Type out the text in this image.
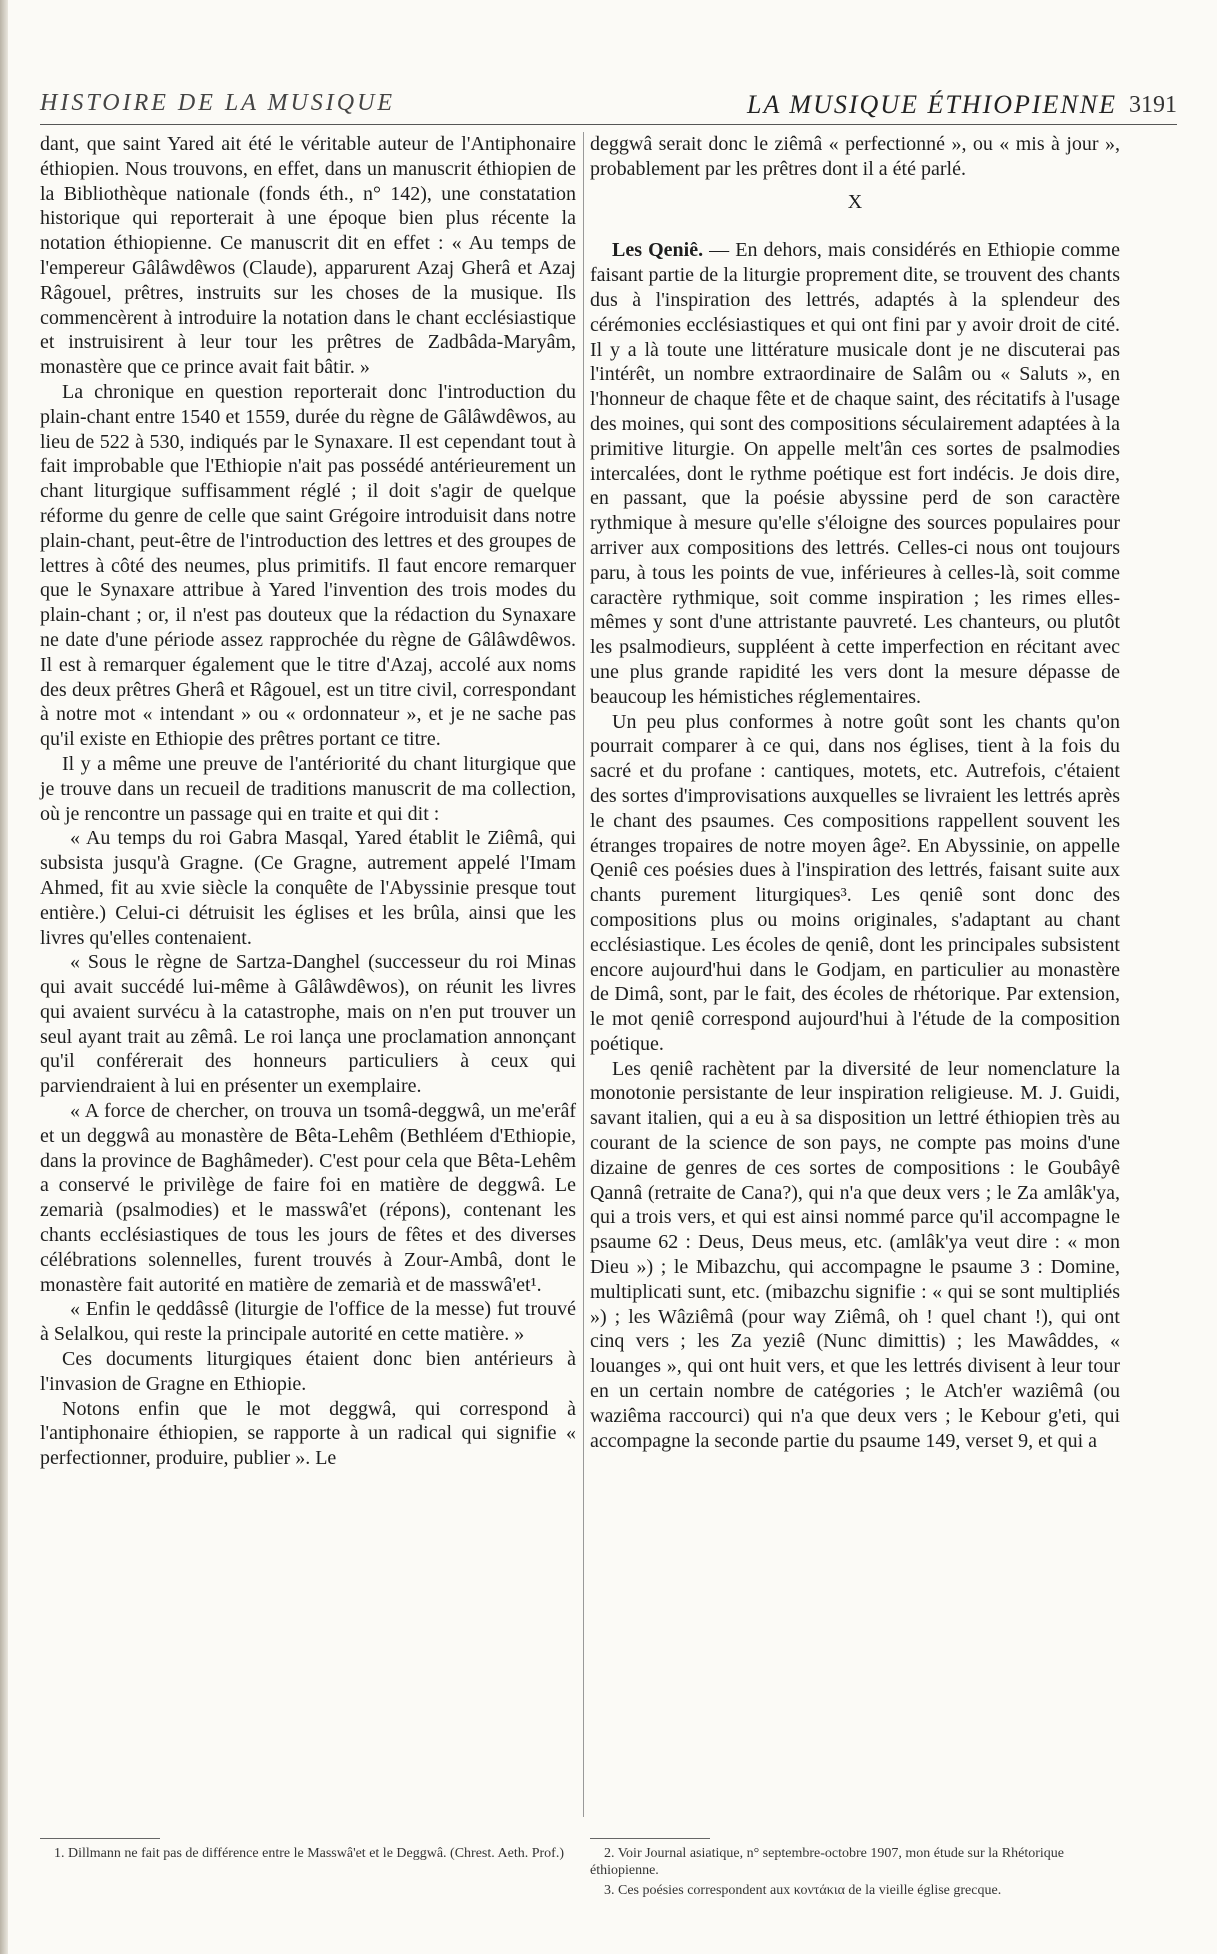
HISTOIRE DE LA MUSIQUE	LA MUSIQUE ÉTHIOPIENNE 3191

dant, que saint Yared ait été le véritable auteur de l'Antiphonaire éthiopien. Nous trouvons, en effet, dans un manuscrit éthiopien de la Bibliothèque nationale (fonds éth., n° 142), une constatation historique qui reporterait à une époque bien plus récente la notation éthiopienne. Ce manuscrit dit en effet : « Au temps de l'empereur Gâlâwdêwos (Claude), apparurent Azaj Gherâ et Azaj Râgouel, prêtres, instruits sur les choses de la musique. Ils commencèrent à introduire la notation dans le chant ecclésiastique et instruisirent à leur tour les prêtres de Zadbâda-Maryâm, monastère que ce prince avait fait bâtir. »

La chronique en question reporterait donc l'introduction du plain-chant entre 1540 et 1559, durée du règne de Gâlâwdêwos, au lieu de 522 à 530, indiqués par le Synaxare. Il est cependant tout à fait improbable que l'Ethiopie n'ait pas possédé antérieurement un chant liturgique suffisamment réglé ; il doit s'agir de quelque réforme du genre de celle que saint Grégoire introduisit dans notre plain-chant, peut-être de l'introduction des lettres et des groupes de lettres à côté des neumes, plus primitifs. Il faut encore remarquer que le Synaxare attribue à Yared l'invention des trois modes du plain-chant ; or, il n'est pas douteux que la rédaction du Synaxare ne date d'une période assez rapprochée du règne de Gâlâwdêwos. Il est à remarquer également que le titre d'Azaj, accolé aux noms des deux prêtres Gherâ et Râgouel, est un titre civil, correspondant à notre mot « intendant » ou « ordonnateur », et je ne sache pas qu'il existe en Ethiopie des prêtres portant ce titre.

Il y a même une preuve de l'antériorité du chant liturgique que je trouve dans un recueil de traditions manuscrit de ma collection, où je rencontre un passage qui en traite et qui dit :

« Au temps du roi Gabra Masqal, Yared établit le Ziêmâ, qui subsista jusqu'à Gragne. (Ce Gragne, autrement appelé l'Imam Ahmed, fit au xvie siècle la conquête de l'Abyssinie presque tout entière.) Celui-ci détruisit les églises et les brûla, ainsi que les livres qu'elles contenaient.

« Sous le règne de Sartza-Danghel (successeur du roi Minas qui avait succédé lui-même à Gâlâwdêwos), on réunit les livres qui avaient survécu à la catastrophe, mais on n'en put trouver un seul ayant trait au zêmâ. Le roi lança une proclamation annonçant qu'il conférerait des honneurs particuliers à ceux qui parviendraient à lui en présenter un exemplaire.

« A force de chercher, on trouva un tsomâ-deggwâ, un me'erâf et un deggwâ au monastère de Bêta-Lehêm (Bethléem d'Ethiopie, dans la province de Baghâmeder). C'est pour cela que Bêta-Lehêm a conservé le privilège de faire foi en matière de deggwâ. Le zemarià (psalmodies) et le masswâ'et (répons), contenant les chants ecclésiastiques de tous les jours de fêtes et des diverses célébrations solennelles, furent trouvés à Zour-Ambâ, dont le monastère fait autorité en matière de zemarià et de masswâ'et¹.

« Enfin le qeddâssê (liturgie de l'office de la messe) fut trouvé à Selalkou, qui reste la principale autorité en cette matière. »

Ces documents liturgiques étaient donc bien antérieurs à l'invasion de Gragne en Ethiopie.

Notons enfin que le mot deggwâ, qui correspond à l'antiphonaire éthiopien, se rapporte à un radical qui signifie « perfectionner, produire, publier ». Le

deggwâ serait donc le ziêmâ « perfectionné », ou « mis à jour », probablement par les prêtres dont il a été parlé.

X

Les Qeniê. — En dehors, mais considérés en Ethiopie comme faisant partie de la liturgie proprement dite, se trouvent des chants dus à l'inspiration des lettrés, adaptés à la splendeur des cérémonies ecclésiastiques et qui ont fini par y avoir droit de cité. Il y a là toute une littérature musicale dont je ne discuterai pas l'intérêt, un nombre extraordinaire de Salâm ou « Saluts », en l'honneur de chaque fête et de chaque saint, des récitatifs à l'usage des moines, qui sont des compositions séculairement adaptées à la primitive liturgie. On appelle melt'ân ces sortes de psalmodies intercalées, dont le rythme poétique est fort indécis. Je dois dire, en passant, que la poésie abyssine perd de son caractère rythmique à mesure qu'elle s'éloigne des sources populaires pour arriver aux compositions des lettrés. Celles-ci nous ont toujours paru, à tous les points de vue, inférieures à celles-là, soit comme caractère rythmique, soit comme inspiration ; les rimes elles-mêmes y sont d'une attristante pauvreté. Les chanteurs, ou plutôt les psalmodieurs, suppléent à cette imperfection en récitant avec une plus grande rapidité les vers dont la mesure dépasse de beaucoup les hémistiches réglementaires.

Un peu plus conformes à notre goût sont les chants qu'on pourrait comparer à ce qui, dans nos églises, tient à la fois du sacré et du profane : cantiques, motets, etc. Autrefois, c'étaient des sortes d'improvisations auxquelles se livraient les lettrés après le chant des psaumes. Ces compositions rappellent souvent les étranges tropaires de notre moyen âge². En Abyssinie, on appelle Qeniê ces poésies dues à l'inspiration des lettrés, faisant suite aux chants purement liturgiques³. Les qeniê sont donc des compositions plus ou moins originales, s'adaptant au chant ecclésiastique. Les écoles de qeniê, dont les principales subsistent encore aujourd'hui dans le Godjam, en particulier au monastère de Dimâ, sont, par le fait, des écoles de rhétorique. Par extension, le mot qeniê correspond aujourd'hui à l'étude de la composition poétique.

Les qeniê rachètent par la diversité de leur nomenclature la monotonie persistante de leur inspiration religieuse. M. J. Guidi, savant italien, qui a eu à sa disposition un lettré éthiopien très au courant de la science de son pays, ne compte pas moins d'une dizaine de genres de ces sortes de compositions : le Goubâyê Qannâ (retraite de Cana?), qui n'a que deux vers ; le Za amlâk'ya, qui a trois vers, et qui est ainsi nommé parce qu'il accompagne le psaume 62 : Deus, Deus meus, etc. (amlâk'ya veut dire : « mon Dieu ») ; le Mibazchu, qui accompagne le psaume 3 : Domine, multiplicati sunt, etc. (mibazchu signifie : « qui se sont multipliés ») ; les Wâziêmâ (pour way Ziêmâ, oh ! quel chant !), qui ont cinq vers ; les Za yeziê (Nunc dimittis) ; les Mawâddes, « louanges », qui ont huit vers, et que les lettrés divisent à leur tour en un certain nombre de catégories ; le Atch'er waziêmâ (ou waziêma raccourci) qui n'a que deux vers ; le Kebour g'eti, qui accompagne la seconde partie du psaume 149, verset 9, et qui a

1. Dillmann ne fait pas de différence entre le Masswâ'et et le Deggwâ. (Chrest. Aeth. Prof.)	2. Voir Journal asiatique, n° septembre-octobre 1907, mon étude sur la Rhétorique éthiopienne.

3. Ces poésies correspondent aux κοντάκια de la vieille église grecque.
